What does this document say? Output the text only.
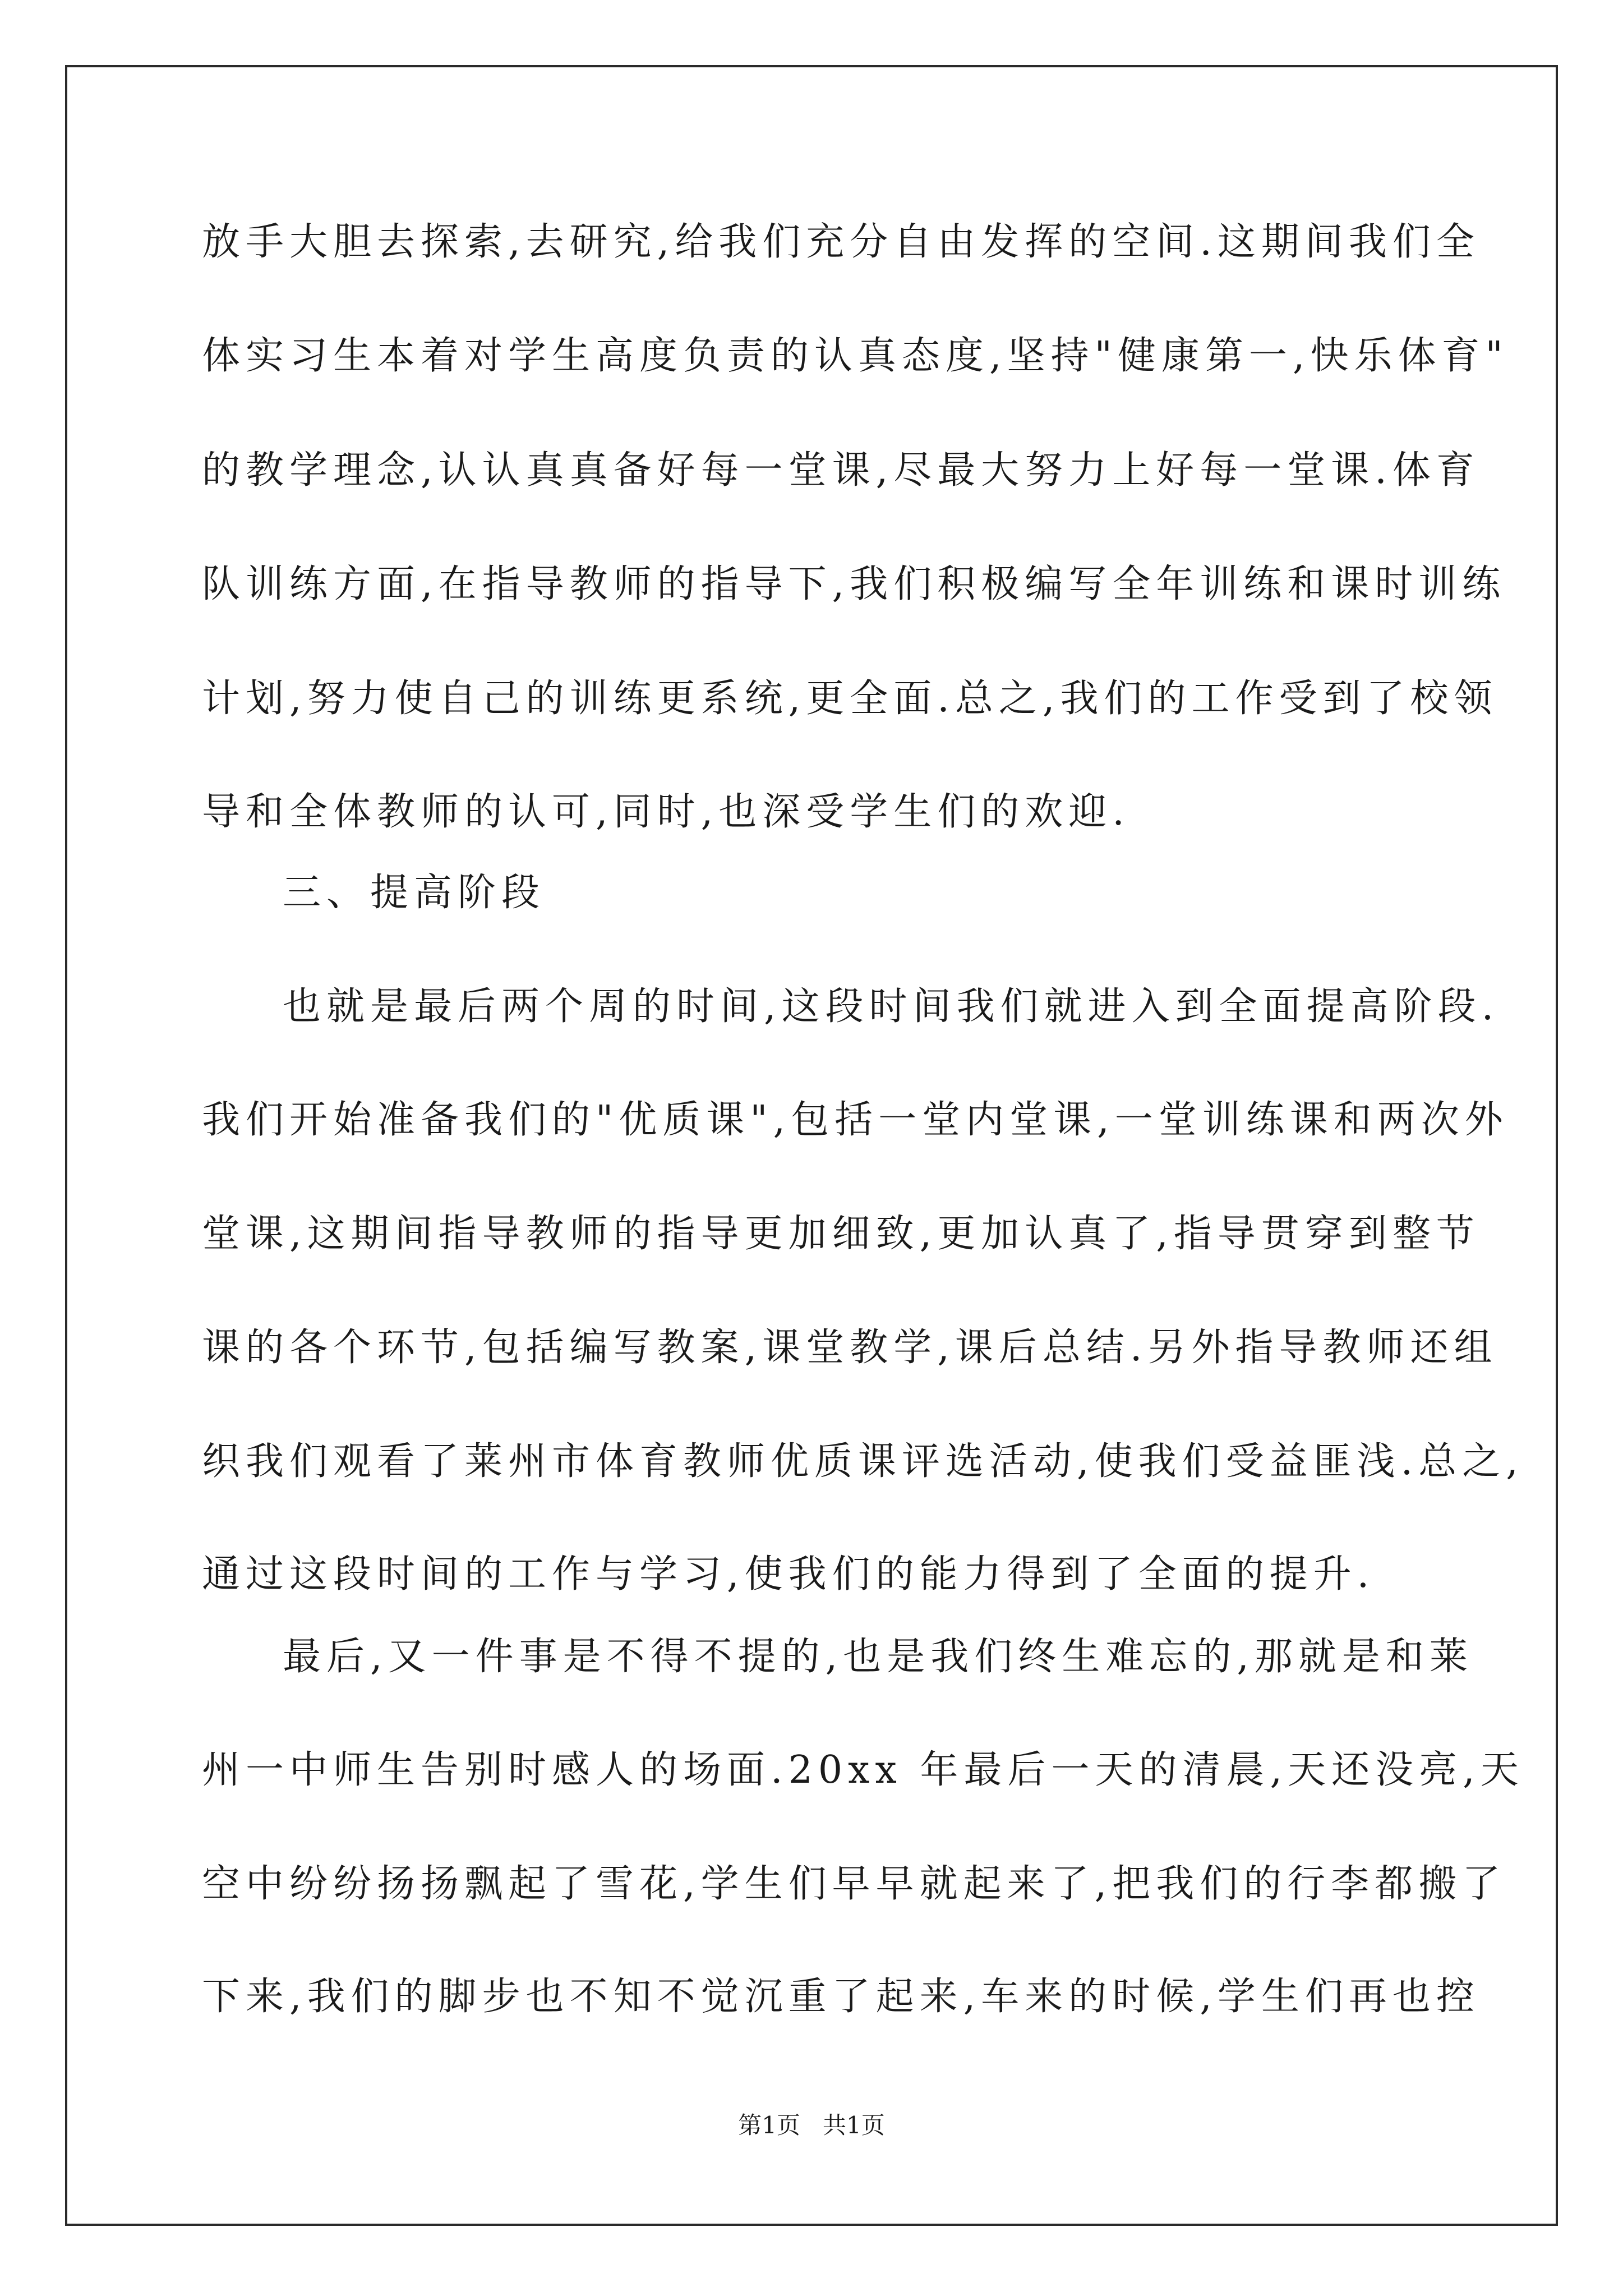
放手大胆去探索,去研究,给我们充分自由发挥的空间.这期间我们全
体实习生本着对学生高度负责的认真态度,坚持"健康第一,快乐体育"
的教学理念,认认真真备好每一堂课,尽最大努力上好每一堂课.体育
队训练方面,在指导教师的指导下,我们积极编写全年训练和课时训练
计划,努力使自己的训练更系统,更全面.总之,我们的工作受到了校领
导和全体教师的认可,同时,也深受学生们的欢迎.
三、提高阶段
也就是最后两个周的时间,这段时间我们就进入到全面提高阶段.
我们开始准备我们的"优质课",包括一堂内堂课,一堂训练课和两次外
堂课,这期间指导教师的指导更加细致,更加认真了,指导贯穿到整节
课的各个环节,包括编写教案,课堂教学,课后总结.另外指导教师还组
织我们观看了莱州市体育教师优质课评选活动,使我们受益匪浅.总之,
通过这段时间的工作与学习,使我们的能力得到了全面的提升.
最后,又一件事是不得不提的,也是我们终生难忘的,那就是和莱
州一中师生告别时感人的场面.20xx 年最后一天的清晨,天还没亮,天
空中纷纷扬扬飘起了雪花,学生们早早就起来了,把我们的行李都搬了
下来,我们的脚步也不知不觉沉重了起来,车来的时候,学生们再也控
第1页   共1页
